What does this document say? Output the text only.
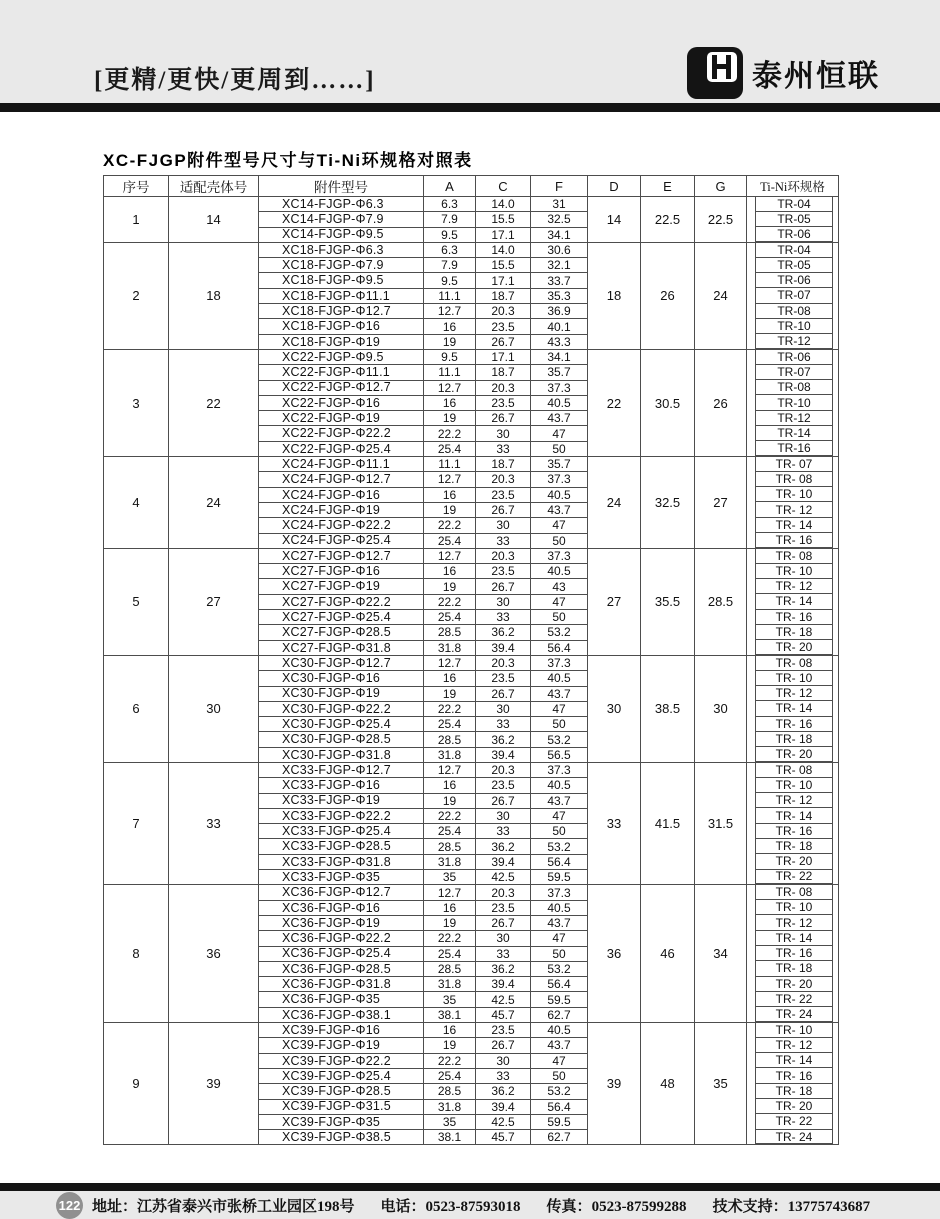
[更精/更快/更周到……]	泰州恒联
XC-FJGP附件型号尺寸与Ti-Ni环规格对照表
序号	适配壳体号	附件型号	A	C	F	D	E	G	Ti-Ni环规格
1	14	XC14-FJGP-Φ6.3	6.3	14.0	31	14	22.5	22.5	TR-04

		XC14-FJGP-Φ7.9	7.9	15.5	32.5				TR-05

		XC14-FJGP-Φ9.5	9.5	17.1	34.1				TR-06

2	18	XC18-FJGP-Φ6.3	6.3	14.0	30.6	18	26	24	TR-04

		XC18-FJGP-Φ7.9	7.9	15.5	32.1				TR-05

		XC18-FJGP-Φ9.5	9.5	17.1	33.7				TR-06

		XC18-FJGP-Φ11.1	11.1	18.7	35.3				TR-07

		XC18-FJGP-Φ12.7	12.7	20.3	36.9				TR-08

		XC18-FJGP-Φ16	16	23.5	40.1				TR-10

		XC18-FJGP-Φ19	19	26.7	43.3				TR-12

3	22	XC22-FJGP-Φ9.5	9.5	17.1	34.1	22	30.5	26	TR-06

		XC22-FJGP-Φ11.1	11.1	18.7	35.7				TR-07

		XC22-FJGP-Φ12.7	12.7	20.3	37.3				TR-08

		XC22-FJGP-Φ16	16	23.5	40.5				TR-10

		XC22-FJGP-Φ19	19	26.7	43.7				TR-12

		XC22-FJGP-Φ22.2	22.2	30	47				TR-14

		XC22-FJGP-Φ25.4	25.4	33	50				TR-16

4	24	XC24-FJGP-Φ11.1	11.1	18.7	35.7	24	32.5	27	TR- 07

		XC24-FJGP-Φ12.7	12.7	20.3	37.3				TR- 08

		XC24-FJGP-Φ16	16	23.5	40.5				TR- 10

		XC24-FJGP-Φ19	19	26.7	43.7				TR- 12

		XC24-FJGP-Φ22.2	22.2	30	47				TR- 14

		XC24-FJGP-Φ25.4	25.4	33	50				TR- 16

5	27	XC27-FJGP-Φ12.7	12.7	20.3	37.3	27	35.5	28.5	TR- 08

		XC27-FJGP-Φ16	16	23.5	40.5				TR- 10

		XC27-FJGP-Φ19	19	26.7	43				TR- 12

		XC27-FJGP-Φ22.2	22.2	30	47				TR- 14

		XC27-FJGP-Φ25.4	25.4	33	50				TR- 16

		XC27-FJGP-Φ28.5	28.5	36.2	53.2				TR- 18

		XC27-FJGP-Φ31.8	31.8	39.4	56.4				TR- 20

6	30	XC30-FJGP-Φ12.7	12.7	20.3	37.3	30	38.5	30	TR- 08

		XC30-FJGP-Φ16	16	23.5	40.5				TR- 10

		XC30-FJGP-Φ19	19	26.7	43.7				TR- 12

		XC30-FJGP-Φ22.2	22.2	30	47				TR- 14

		XC30-FJGP-Φ25.4	25.4	33	50				TR- 16

		XC30-FJGP-Φ28.5	28.5	36.2	53.2				TR- 18

		XC30-FJGP-Φ31.8	31.8	39.4	56.5				TR- 20

7	33	XC33-FJGP-Φ12.7	12.7	20.3	37.3	33	41.5	31.5	TR- 08

		XC33-FJGP-Φ16	16	23.5	40.5				TR- 10

		XC33-FJGP-Φ19	19	26.7	43.7				TR- 12

		XC33-FJGP-Φ22.2	22.2	30	47				TR- 14

		XC33-FJGP-Φ25.4	25.4	33	50				TR- 16

		XC33-FJGP-Φ28.5	28.5	36.2	53.2				TR- 18

		XC33-FJGP-Φ31.8	31.8	39.4	56.4				TR- 20

		XC33-FJGP-Φ35	35	42.5	59.5				TR- 22

8	36	XC36-FJGP-Φ12.7	12.7	20.3	37.3	36	46	34	TR- 08

		XC36-FJGP-Φ16	16	23.5	40.5				TR- 10

		XC36-FJGP-Φ19	19	26.7	43.7				TR- 12

		XC36-FJGP-Φ22.2	22.2	30	47				TR- 14

		XC36-FJGP-Φ25.4	25.4	33	50				TR- 16

		XC36-FJGP-Φ28.5	28.5	36.2	53.2				TR- 18

		XC36-FJGP-Φ31.8	31.8	39.4	56.4				TR- 20

		XC36-FJGP-Φ35	35	42.5	59.5				TR- 22

		XC36-FJGP-Φ38.1	38.1	45.7	62.7				TR- 24

9	39	XC39-FJGP-Φ16	16	23.5	40.5	39	48	35	TR- 10

		XC39-FJGP-Φ19	19	26.7	43.7				TR- 12

		XC39-FJGP-Φ22.2	22.2	30	47				TR- 14

		XC39-FJGP-Φ25.4	25.4	33	50				TR- 16

		XC39-FJGP-Φ28.5	28.5	36.2	53.2				TR- 18

		XC39-FJGP-Φ31.5	31.8	39.4	56.4				TR- 20

		XC39-FJGP-Φ35	35	42.5	59.5				TR- 22

		XC39-FJGP-Φ38.5	38.1	45.7	62.7				TR- 24
122 地址：江苏省泰兴市张桥工业园区198号 电话：0523-87593018 传真：0523-87599288 技术支持：13775743687
